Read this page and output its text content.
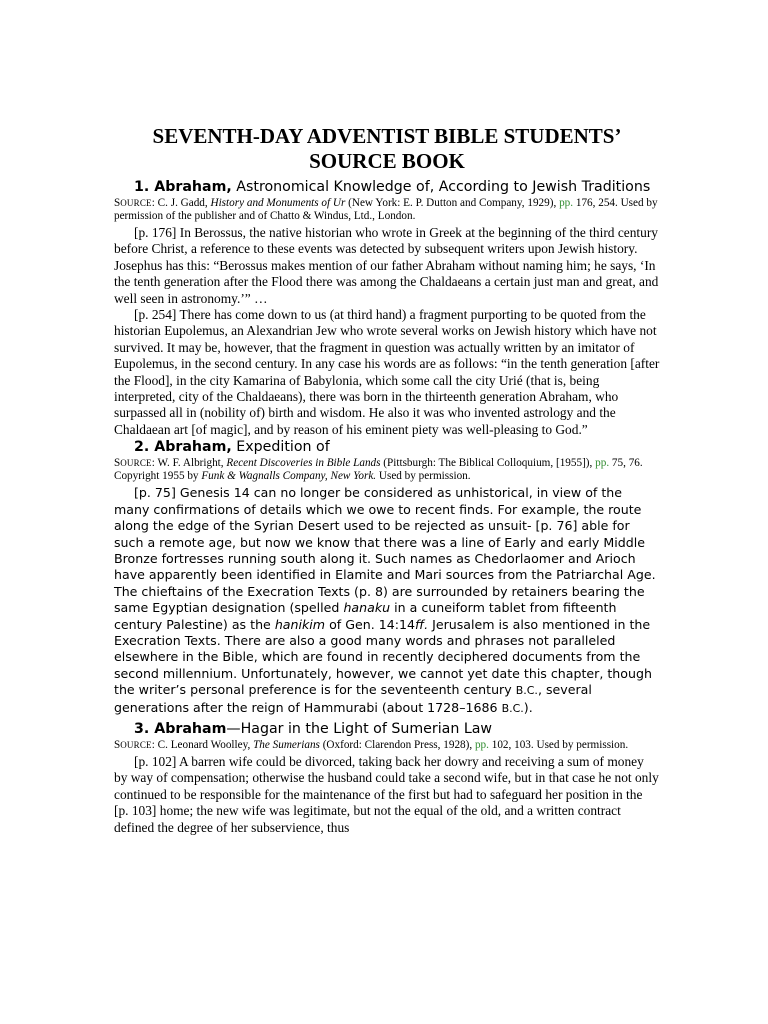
SEVENTH-DAY ADVENTIST BIBLE STUDENTS’
SOURCE BOOK

1. Abraham, Astronomical Knowledge of, According to Jewish Traditions

SOURCE: C. J. Gadd, History and Monuments of Ur (New York: E. P. Dutton and Company, 1929), pp. 176, 254. Used by permission of the publisher and of Chatto & Windus, Ltd., London.

[p. 176] In Berossus, the native historian who wrote in Greek at the beginning of the third century before Christ, a reference to these events was detected by subsequent writers upon Jewish history. Josephus has this: “Berossus makes mention of our father Abraham without naming him; he says, ‘In the tenth generation after the Flood there was among the Chaldaeans a certain just man and great, and well seen in astronomy.’” …

[p. 254] There has come down to us (at third hand) a fragment purporting to be quoted from the historian Eupolemus, an Alexandrian Jew who wrote several works on Jewish history which have not survived. It may be, however, that the fragment in question was actually written by an imitator of Eupolemus, in the second century. In any case his words are as follows: “in the tenth generation [after the Flood], in the city Kamarina of Babylonia, which some call the city Urié (that is, being interpreted, city of the Chaldaeans), there was born in the thirteenth generation Abraham, who surpassed all in (nobility of) birth and wisdom. He also it was who invented astrology and the Chaldaean art [of magic], and by reason of his eminent piety was well-pleasing to God.”

2. Abraham, Expedition of

SOURCE: W. F. Albright, Recent Discoveries in Bible Lands (Pittsburgh: The Biblical Colloquium, [1955]), pp. 75, 76. Copyright 1955 by Funk & Wagnalls Company, New York. Used by permission.

[p. 75] Genesis 14 can no longer be considered as unhistorical, in view of the many confirmations of details which we owe to recent finds. For example, the route along the edge of the Syrian Desert used to be rejected as unsuit- [p. 76] able for such a remote age, but now we know that there was a line of Early and early Middle Bronze fortresses running south along it. Such names as Chedorlaomer and Arioch have apparently been identified in Elamite and Mari sources from the Patriarchal Age. The chieftains of the Execration Texts (p. 8) are surrounded by retainers bearing the same Egyptian designation (spelled hanaku in a cuneiform tablet from fifteenth century Palestine) as the hanikim of Gen. 14:14ff. Jerusalem is also mentioned in the Execration Texts. There are also a good many words and phrases not paralleled elsewhere in the Bible, which are found in recently deciphered documents from the second millennium. Unfortunately, however, we cannot yet date this chapter, though the writer’s personal preference is for the seventeenth century B.C., several generations after the reign of Hammurabi (about 1728–1686 B.C.).

3. Abraham—Hagar in the Light of Sumerian Law

SOURCE: C. Leonard Woolley, The Sumerians (Oxford: Clarendon Press, 1928), pp. 102, 103. Used by permission.

[p. 102] A barren wife could be divorced, taking back her dowry and receiving a sum of money by way of compensation; otherwise the husband could take a second wife, but in that case he not only continued to be responsible for the maintenance of the first but had to safeguard her position in the [p. 103] home; the new wife was legitimate, but not the equal of the old, and a written contract defined the degree of her subservience, thus
